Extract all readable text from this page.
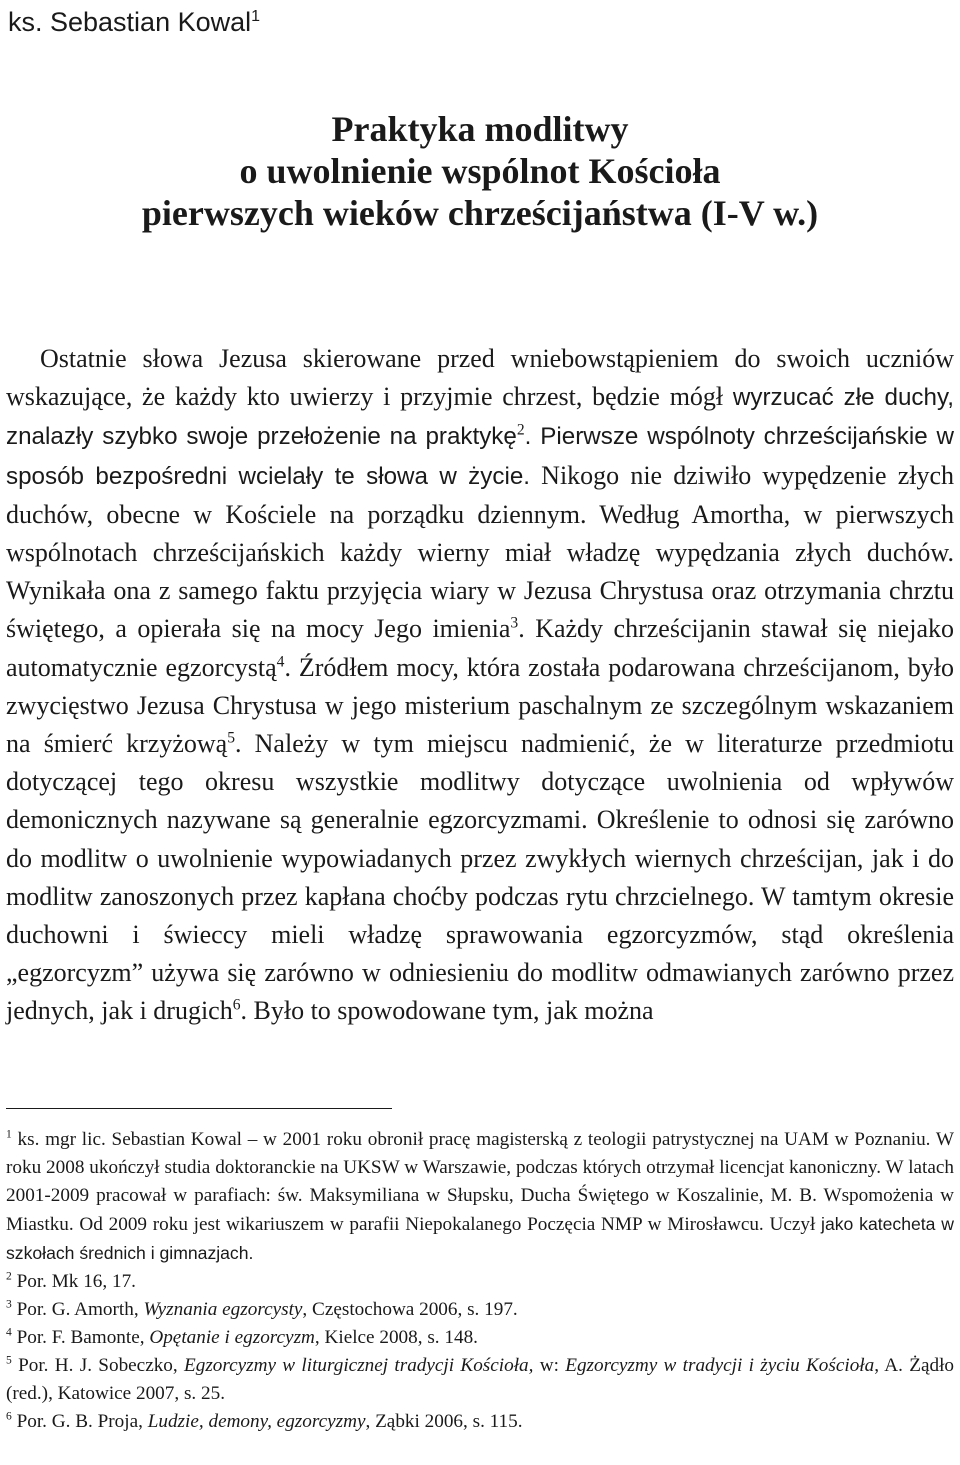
ks. Sebastian Kowal$^1$
Praktyka modlitwy
o uwolnienie wspólnot Kościoła
pierwszych wieków chrześcijaństwa (I-V w.)
Ostatnie słowa Jezusa skierowane przed wniebowstąpieniem do swoich uczniów wskazujące, że każdy kto uwierzy i przyjmie chrzest, będzie mógł wyrzucać złe duchy, znalazły szybko swoje przełożenie na praktykę$^2$. Pierwsze wspólnoty chrześcijańskie w sposób bezpośredni wcielały te słowa w życie. Nikogo nie dziwiło wypędzenie złych duchów, obecne w Kościele na porządku dziennym. Według Amortha, w pierwszych wspólnotach chrześcijańskich każdy wierny miał władzę wypędzania złych duchów. Wynikała ona z samego faktu przyjęcia wiary w Jezusa Chrystusa oraz otrzymania chrztu świętego, a opierała się na mocy Jego imienia$^3$. Każdy chrześcijanin stawał się niejako automatycznie egzorcystą$^4$. Źródłem mocy, która została podarowana chrześcijanom, było zwycięstwo Jezusa Chrystusa w jego misterium paschalnym ze szczególnym wskazaniem na śmierć krzyżową$^5$. Należy w tym miejscu nadmienić, że w literaturze przedmiotu dotyczącej tego okresu wszystkie modlitwy dotyczące uwolnienia od wpływów demonicznych nazywane są generalnie egzorcyzmami. Określenie to odnosi się zarówno do modlitw o uwolnienie wypowiadanych przez zwykłych wiernych chrześcijan, jak i do modlitw zanoszonych przez kapłana choćby podczas rytu chrzcielnego. W tamtym okresie duchowni i świeccy mieli władzę sprawowania egzorcyzmów, stąd określenia „egzorcyzm” używa się zarówno w odniesieniu do modlitw odmawianych zarówno przez jednych, jak i drugich$^6$. Było to spowodowane tym, jak można
$^1$ ks. mgr lic. Sebastian Kowal – w 2001 roku obronił pracę magisterską z teologii patrystycznej na UAM w Poznaniu. W roku 2008 ukończył studia doktoranckie na UKSW w Warszawie, podczas których otrzymał licencjat kanoniczny. W latach 2001-2009 pracował w parafiach: św. Maksymiliana w Słupsku, Ducha Świętego w Koszalinie, M. B. Wspomożenia w Miastku. Od 2009 roku jest wikariuszem w parafii Niepokalanego Poczęcia NMP w Mirosławcu. Uczył jako katecheta w szkołach średnich i gimnazjach.
$^2$ Por. Mk 16, 17.
$^3$ Por. G. Amorth, Wyznania egzorcysty, Częstochowa 2006, s. 197.
$^4$ Por. F. Bamonte, Opętanie i egzorcyzm, Kielce 2008, s. 148.
$^5$ Por. H. J. Sobeczko, Egzorcyzmy w liturgicznej tradycji Kościoła, w: Egzorcyzmy w tradycji i życiu Kościoła, A. Żądło (red.), Katowice 2007, s. 25.
$^6$ Por. G. B. Proja, Ludzie, demony, egzorcyzmy, Ząbki 2006, s. 115.
